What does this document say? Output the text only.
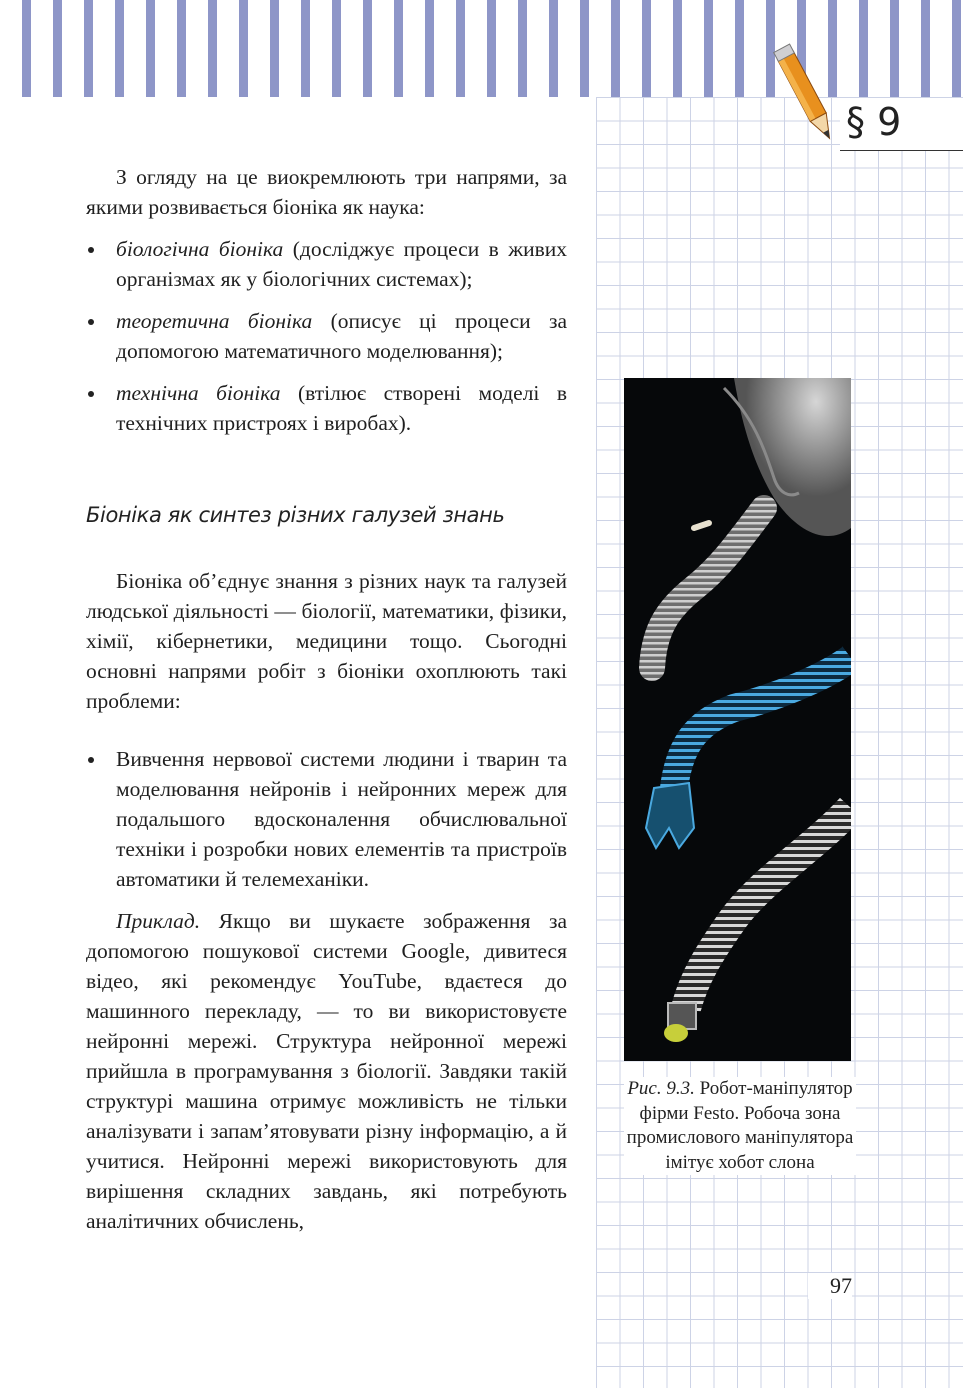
§ 9

З огляду на це виокремлюють три напрями, за якими розвивається біоніка як наука:

біологічна біоніка (досліджує процеси в живих організмах як у біологічних системах);
теоретична біоніка (описує ці процеси за допомогою математичного моделювання);
технічна біоніка (втілює створені моделі в технічних пристроях і виробах).
Біоніка як синтез різних галузей знань

Біоніка об’єднує знання з різних наук та галузей людської діяльності — біології, математики, фізики, хімії, кібернетики, медицини тощо. Сьогодні основні напрями робіт з біоніки охоплюють такі проблеми:

Вивчення нервової системи людини і тварин та моделювання нейронів і нейронних мереж для подальшого вдосконалення обчислювальної техніки і розробки нових елементів та пристроїв автоматики й телемеханіки.

Приклад. Якщо ви шукаєте зображення за допомогою пошукової системи Google, дивитеся відео, які рекомендує YouTube, вдаєтеся до машинного перекладу, — то ви використовуєте нейронні мережі. Структура нейронної мережі прийшла в програмування з біології. Завдяки такій структурі машина отримує можливість не тільки аналізувати і запам’ятовувати різну інформацію, а й учитися. Нейронні мережі використовують для вирішення складних завдань, які потребують аналітичних обчислень,

Рис. 9.3. Робот-маніпулятор фірми Festo. Робоча зона промислового маніпулятора імітує хобот слона
97
